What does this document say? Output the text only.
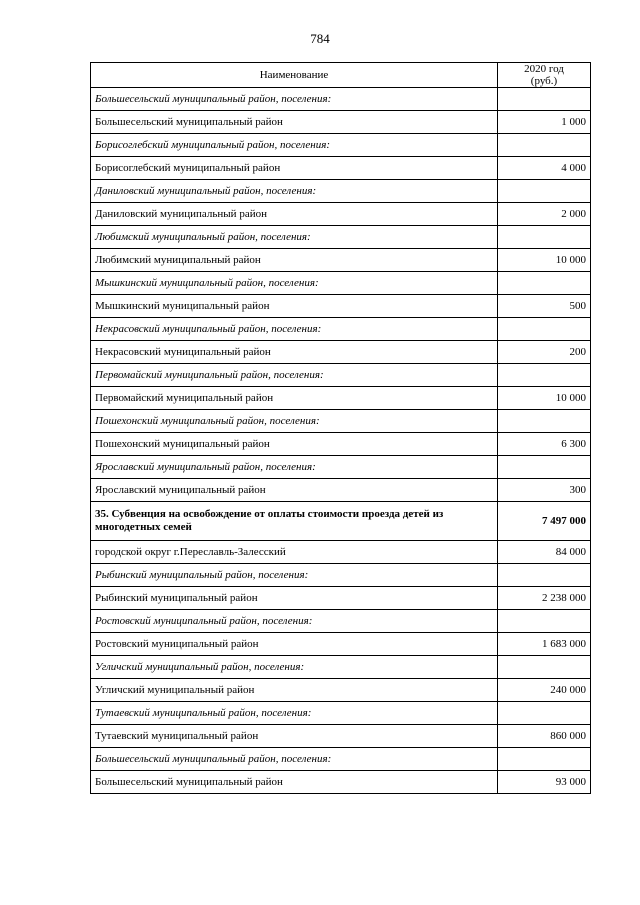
784
Наименование	2020 год
(руб.)
Большесельский муниципальный район, поселения:	
Большесельский муниципальный район	1 000
Борисоглебский муниципальный район, поселения:	
Борисоглебский муниципальный район	4 000
Даниловский муниципальный район, поселения:	
Даниловский муниципальный район	2 000
Любимский муниципальный район, поселения:	
Любимский муниципальный район	10 000
Мышкинский муниципальный район, поселения:	
Мышкинский муниципальный район	500
Некрасовский муниципальный район, поселения:	
Некрасовский муниципальный район	200
Первомайский муниципальный район, поселения:	
Первомайский муниципальный район	10 000
Пошехонский муниципальный район, поселения:	
Пошехонский муниципальный район	6 300
Ярославский муниципальный район, поселения:	
Ярославский муниципальный район	300
35. Субвенция на освобождение от оплаты стоимости проезда детей из многодетных семей	7 497 000
городской округ г.Переславль-Залесский	84 000
Рыбинский муниципальный район, поселения:	
Рыбинский муниципальный район	2 238 000
Ростовский муниципальный район, поселения:	
Ростовский муниципальный район	1 683 000
Угличский муниципальный район, поселения:	
Угличский муниципальный район	240 000
Тутаевский муниципальный район, поселения:	
Тутаевский муниципальный район	860 000
Большесельский муниципальный район, поселения:	
Большесельский муниципальный район	93 000
